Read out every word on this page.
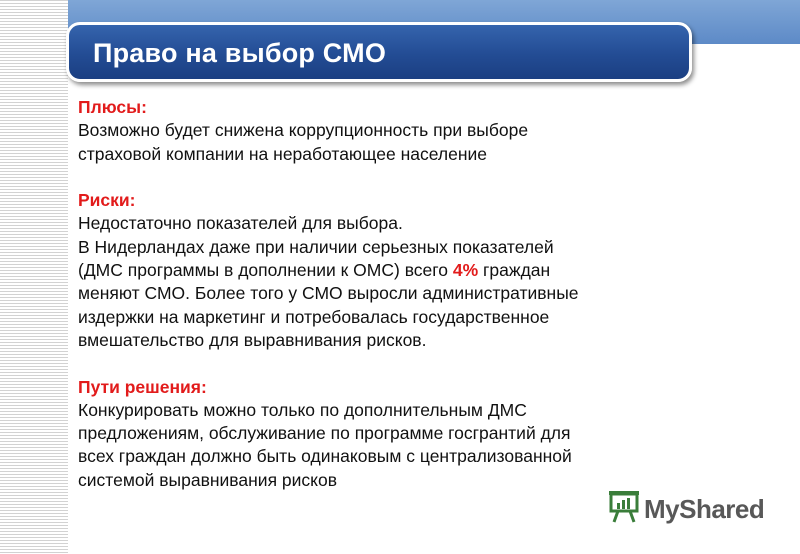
Право на выбор СМО
Плюсы:
Возможно будет снижена коррупционность при выборе
страховой компании на неработающее население
Риски:
Недостаточно показателей для выбора.
В Нидерландах даже при наличии серьезных показателей
(ДМС программы в дополнении к ОМС) всего 4% граждан
меняют СМО. Более того у СМО выросли административные
издержки на маркетинг и потребовалась государственное
вмешательство для выравнивания рисков.
Пути решения:
Конкурировать можно только по дополнительным ДМС
предложениям, обслуживание по программе госгрантий для
всех граждан должно быть одинаковым с централизованной
системой выравнивания рисков
MyShared
